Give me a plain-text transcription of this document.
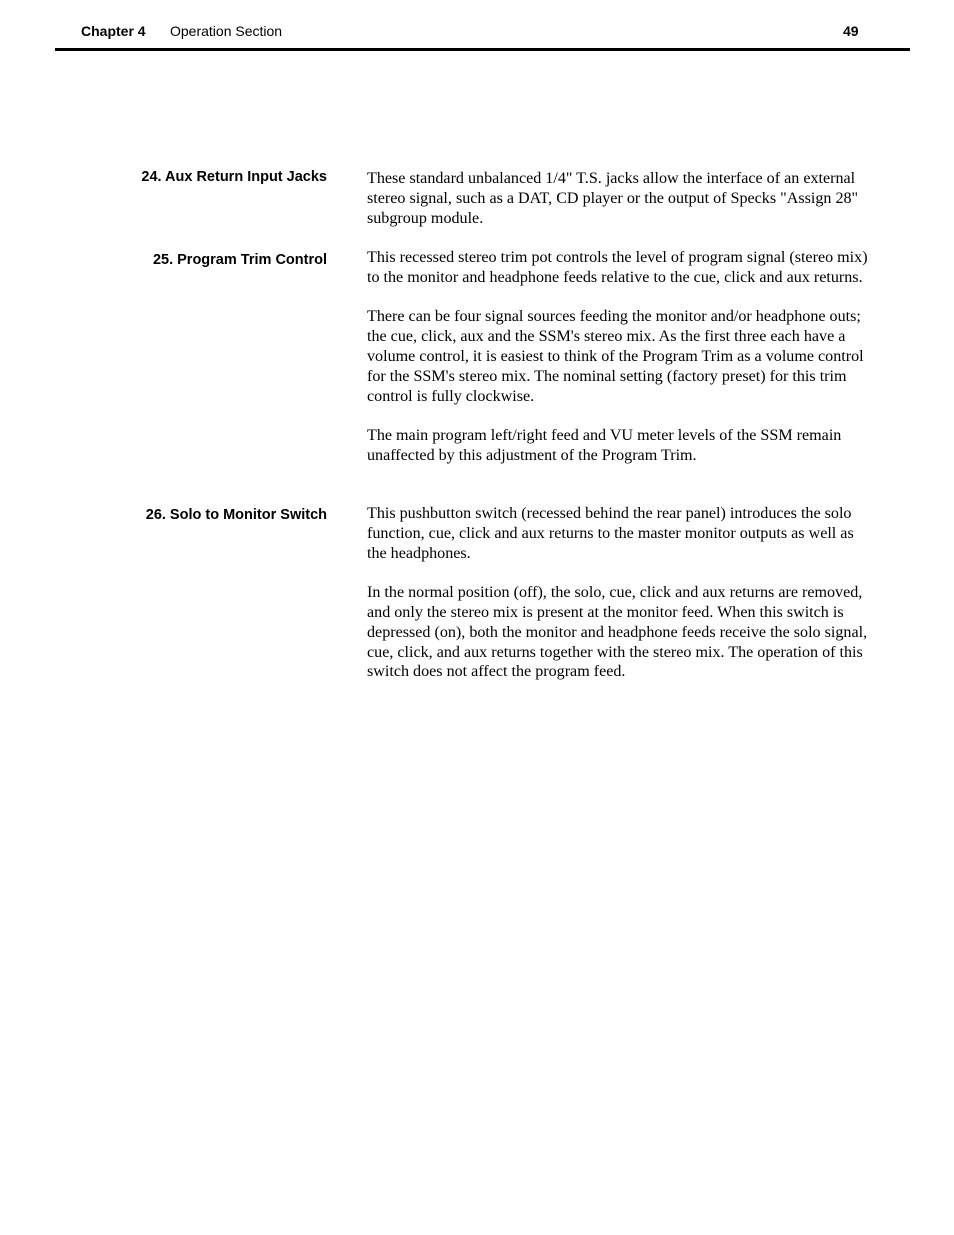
Chapter 4 Operation Section	49
24. Aux Return Input Jacks These standard unbalanced 1/4" T.S. jacks allow the interface of an external stereo signal, such as a DAT, CD player or the output of Specks "Assign 28" subgroup module.

25. Program Trim Control This recessed stereo trim pot controls the level of program signal (stereo mix) to the monitor and headphone feeds relative to the cue, click and aux returns.

There can be four signal sources feeding the monitor and/or headphone outs; the cue, click, aux and the SSM's stereo mix. As the first three each have a volume control, it is easiest to think of the Program Trim as a volume control for the SSM's stereo mix. The nominal setting (factory preset) for this trim control is fully clockwise.

The main program left/right feed and VU meter levels of the SSM remain unaffected by this adjustment of the Program Trim.

26. Solo to Monitor Switch This pushbutton switch (recessed behind the rear panel) introduces the solo function, cue, click and aux returns to the master monitor outputs as well as the headphones.

In the normal position (off), the solo, cue, click and aux returns are removed, and only the stereo mix is present at the monitor feed. When this switch is depressed (on), both the monitor and headphone feeds receive the solo signal, cue, click, and aux returns together with the stereo mix. The operation of this switch does not affect the program feed.
